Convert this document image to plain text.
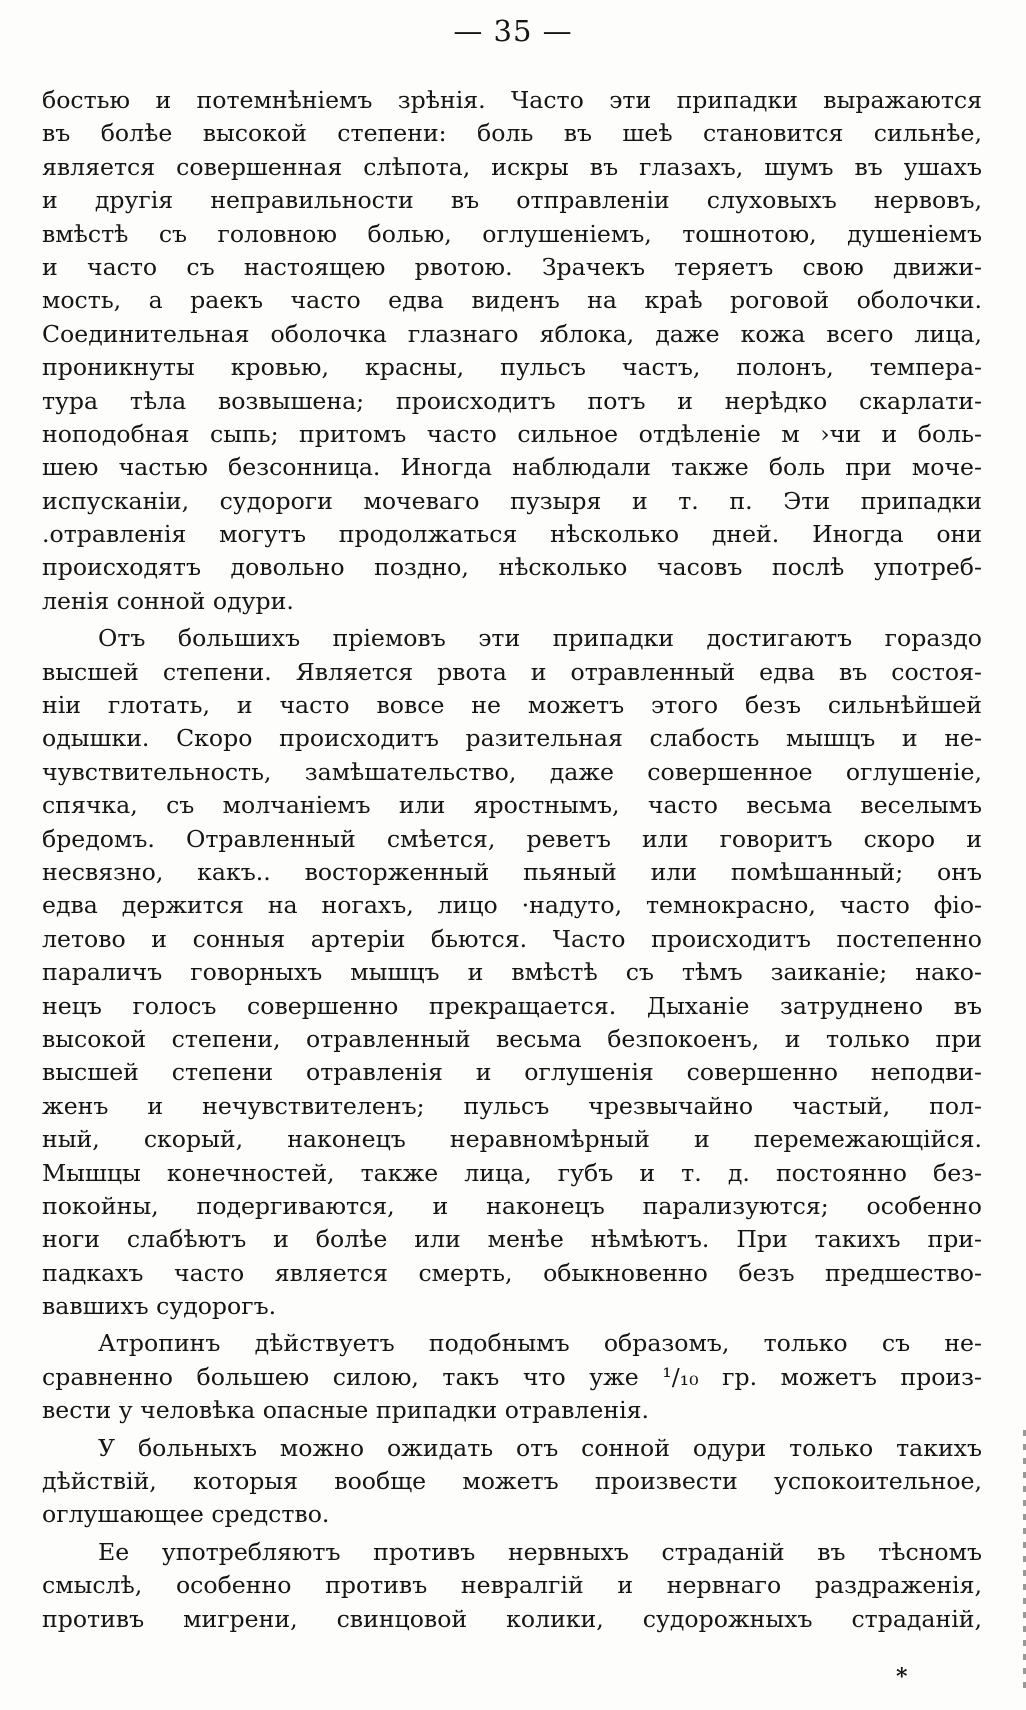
— 35 —
бостью и потемнѣніемъ зрѣнія. Часто эти припадки выражаются
въ болѣе высокой степени: боль въ шеѣ становится сильнѣе,
является совершенная слѣпота, искры въ глазахъ, шумъ въ ушахъ
и другія неправильности въ отправленіи слуховыхъ нервовъ,
вмѣстѣ съ головною болью, оглушеніемъ, тошнотою, душеніемъ
и часто съ настоящею рвотою. Зрачекъ теряетъ свою движи-
мость, а раекъ часто едва виденъ на краѣ роговой оболочки.
Соединительная оболочка глазнаго яблока, даже кожа всего лица,
проникнуты кровью, красны, пульсъ частъ, полонъ, темпера-
тура тѣла возвышена; происходитъ потъ и нерѣдко скарлати-
ноподобная сыпь; притомъ часто сильное отдѣленіе м ›чи и боль-
шею частью безсонница. Иногда наблюдали также боль при моче-
испусканіи, судороги мочеваго пузыря и т. п. Эти припадки
.отравленія могутъ продолжаться нѣсколько дней. Иногда они
происходятъ довольно поздно, нѣсколько часовъ послѣ употреб-
ленія сонной одури.
Отъ большихъ пріемовъ эти припадки достигаютъ гораздо
высшей степени. Является рвота и отравленный едва въ состоя-
ніи глотать, и часто вовсе не можетъ этого безъ сильнѣйшей
одышки. Скоро происходитъ разительная слабость мышцъ и не-
чувствительность, замѣшательство, даже совершенное оглушеніе,
спячка, съ молчаніемъ или яростнымъ, часто весьма веселымъ
бредомъ. Отравленный смѣется, реветъ или говоритъ скоро и
несвязно, какъ.. восторженный пьяный или помѣшанный; онъ
едва держится на ногахъ, лицо ·надуто, темнокрасно, часто фіо-
летово и сонныя артеріи бьются. Часто происходитъ постепенно
параличъ говорныхъ мышцъ и вмѣстѣ съ тѣмъ заиканіе; нако-
нецъ голосъ совершенно прекращается. Дыханіе затруднено въ
высокой степени, отравленный весьма безпокоенъ, и только при
высшей степени отравленія и оглушенія совершенно неподви-
женъ и нечувствителенъ; пульсъ чрезвычайно частый, пол-
ный, скорый, наконецъ неравномѣрный и перемежающійся.
Мышцы конечностей, также лица, губъ и т. д. постоянно без-
покойны, подергиваются, и наконецъ парализуются; особенно
ноги слабѣютъ и болѣе или менѣе нѣмѣютъ. При такихъ при-
падкахъ часто является смерть, обыкновенно безъ предшество-
вавшихъ судорогъ.
Атропинъ дѣйствуетъ подобнымъ образомъ, только съ не-
сравненно большею силою, такъ что уже ¹/₁₀ гр. можетъ произ-
вести у человѣка опасные припадки отравленія.
У больныхъ можно ожидать отъ сонной одури только такихъ
дѣйствій, которыя вообще можетъ произвести успокоительное,
оглушающее средство.
Ее употребляютъ противъ нервныхъ страданій въ тѣсномъ
смыслѣ, особенно противъ невралгій и нервнаго раздраженія,
противъ мигрени, свинцовой колики, судорожныхъ страданій,
*
